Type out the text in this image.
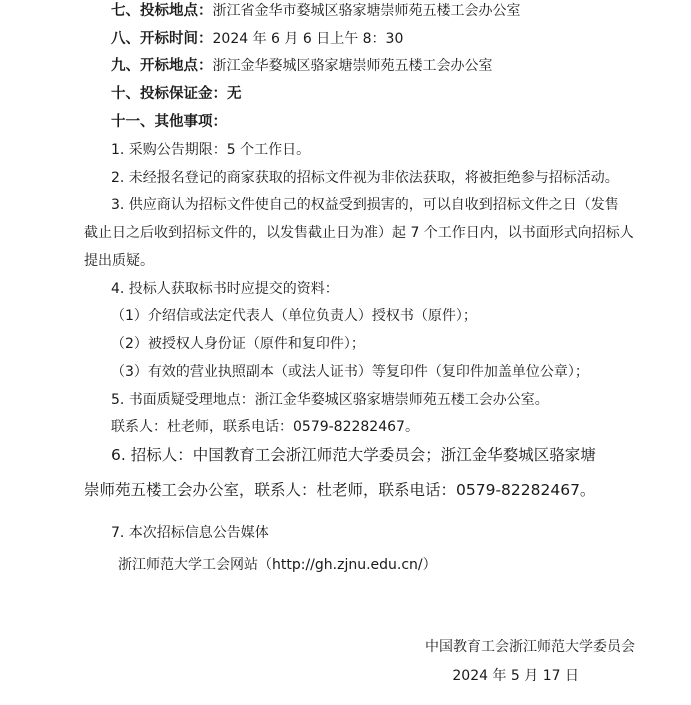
七、投标地点：浙江省金华市婺城区骆家塘崇师苑五楼工会办公室
八、开标时间：2024 年 6 月 6 日上午 8：30
九、开标地点：浙江金华婺城区骆家塘崇师苑五楼工会办公室
十、投标保证金：无
十一、其他事项：
1. 采购公告期限：5 个工作日。
2. 未经报名登记的商家获取的招标文件视为非依法获取，将被拒绝参与招标活动。
3. 供应商认为招标文件使自己的权益受到损害的，可以自收到招标文件之日（发售
截止日之后收到招标文件的，以发售截止日为准）起 7 个工作日内，以书面形式向招标人
提出质疑。
4. 投标人获取标书时应提交的资料：
（1）介绍信或法定代表人（单位负责人）授权书（原件）；
（2）被授权人身份证（原件和复印件）；
（3）有效的营业执照副本（或法人证书）等复印件（复印件加盖单位公章）；
5. 书面质疑受理地点：浙江金华婺城区骆家塘崇师苑五楼工会办公室。
联系人：杜老师，联系电话：0579-82282467。
6. 招标人：中国教育工会浙江师范大学委员会；浙江金华婺城区骆家塘
崇师苑五楼工会办公室，联系人：杜老师，联系电话：0579-82282467。
7. 本次招标信息公告媒体
浙江师范大学工会网站（http://gh.zjnu.edu.cn/）
中国教育工会浙江师范大学委员会
2024 年 5 月 17 日
